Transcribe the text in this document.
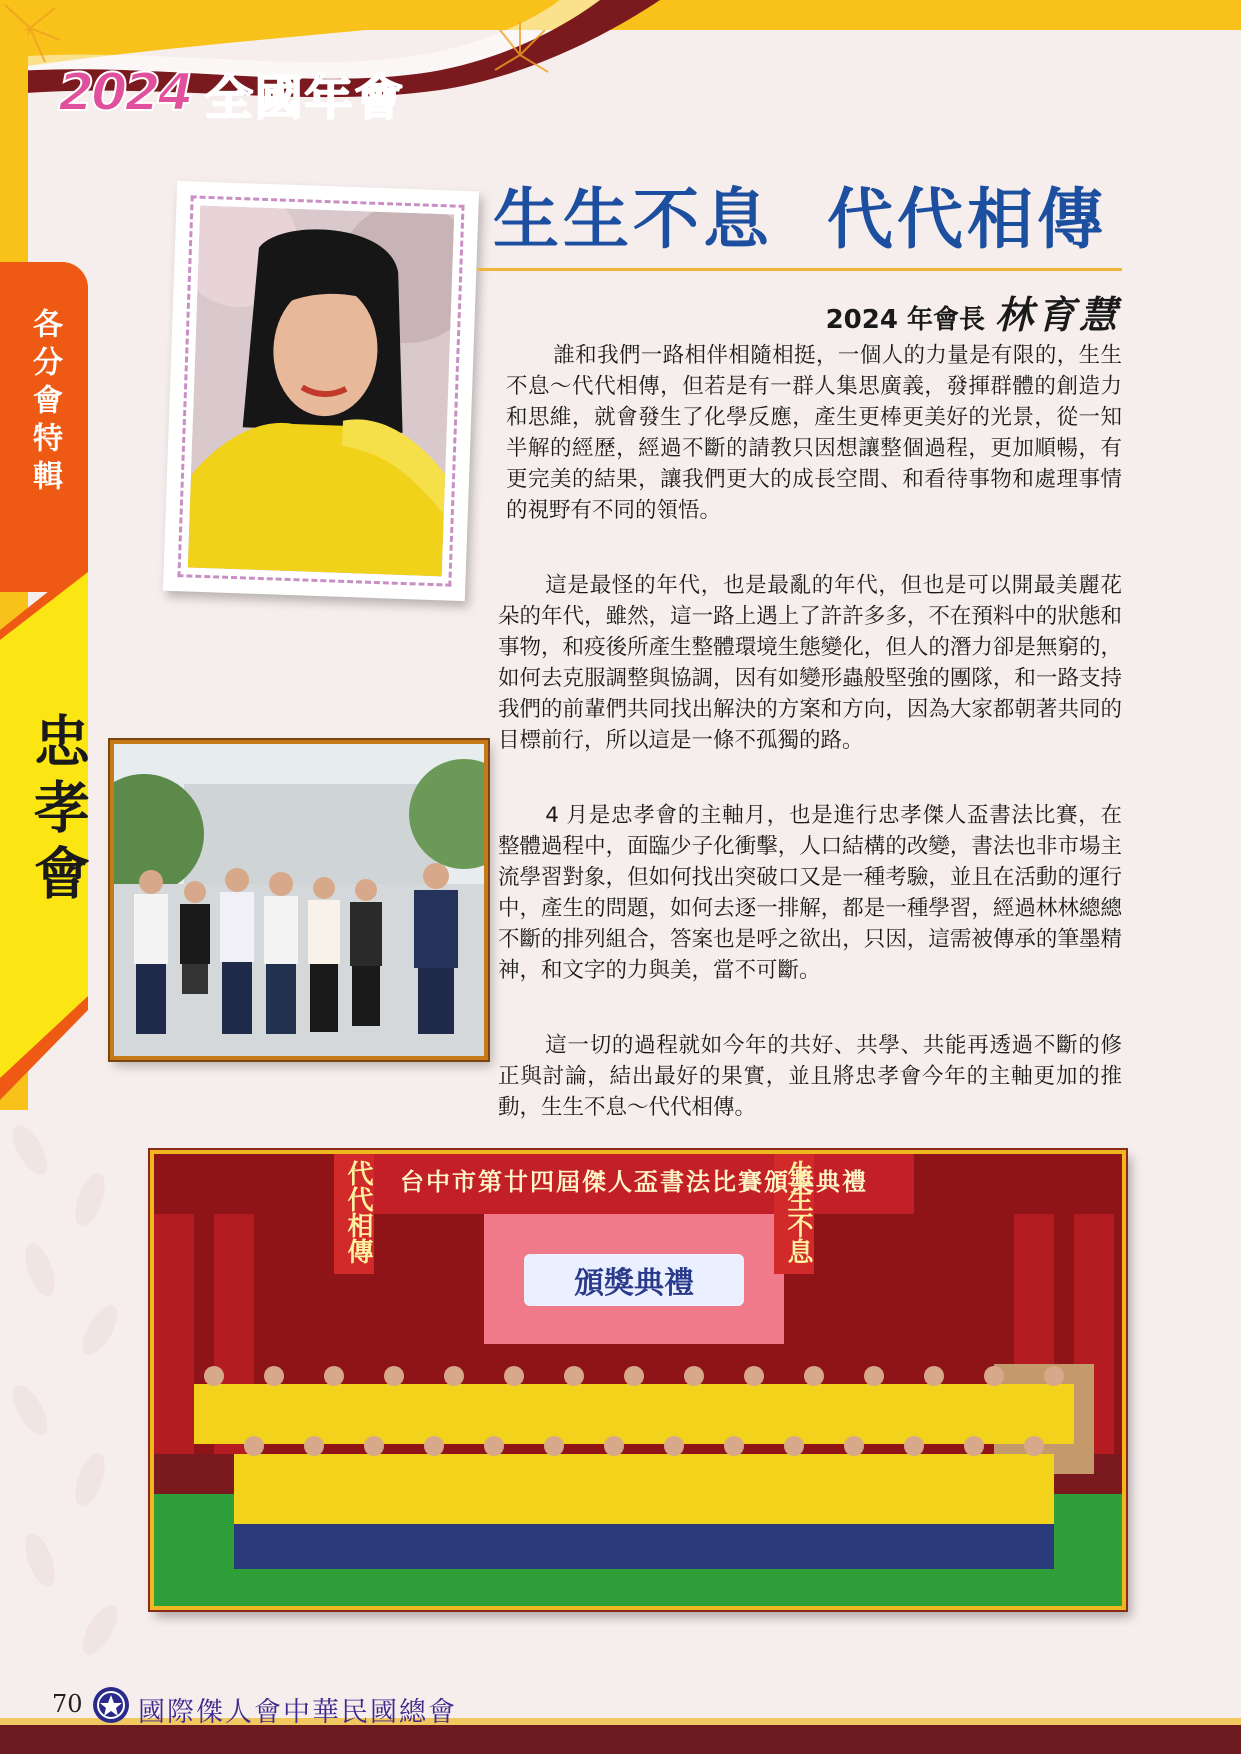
2024 全國年會
各分會特輯
忠孝會
生生不息  代代相傳
2024 年會長 林育慧

誰和我們一路相伴相隨相挺，一個人的力量是有限的，生生不息～代代相傳，但若是有一群人集思廣義，發揮群體的創造力和思維，就會發生了化學反應，產生更棒更美好的光景，從一知半解的經歷，經過不斷的請教只因想讓整個過程，更加順暢，有更完美的結果，讓我們更大的成長空間、和看待事物和處理事情的視野有不同的領悟。

這是最怪的年代，也是最亂的年代，但也是可以開最美麗花朵的年代，雖然，這一路上遇上了許許多多，不在預料中的狀態和事物，和疫後所產生整體環境生態變化，但人的潛力卻是無窮的，如何去克服調整與協調，因有如變形蟲般堅強的團隊，和一路支持我們的前輩們共同找出解決的方案和方向，因為大家都朝著共同的目標前行，所以這是一條不孤獨的路。

4 月是忠孝會的主軸月，也是進行忠孝傑人盃書法比賽，在整體過程中，面臨少子化衝擊，人口結構的改變，書法也非市場主流學習對象，但如何找出突破口又是一種考驗，並且在活動的運行中，產生的問題，如何去逐一排解，都是一種學習，經過林林總總不斷的排列組合，答案也是呼之欲出，只因，這需被傳承的筆墨精神，和文字的力與美，當不可斷。

這一切的過程就如今年的共好、共學、共能再透過不斷的修正與討論，結出最好的果實，並且將忠孝會今年的主軸更加的推動，生生不息～代代相傳。

台中市第廿四屆傑人盃書法比賽頒獎典禮
代代相傳	生生不息
頒獎典禮
70 國際傑人會中華民國總會
